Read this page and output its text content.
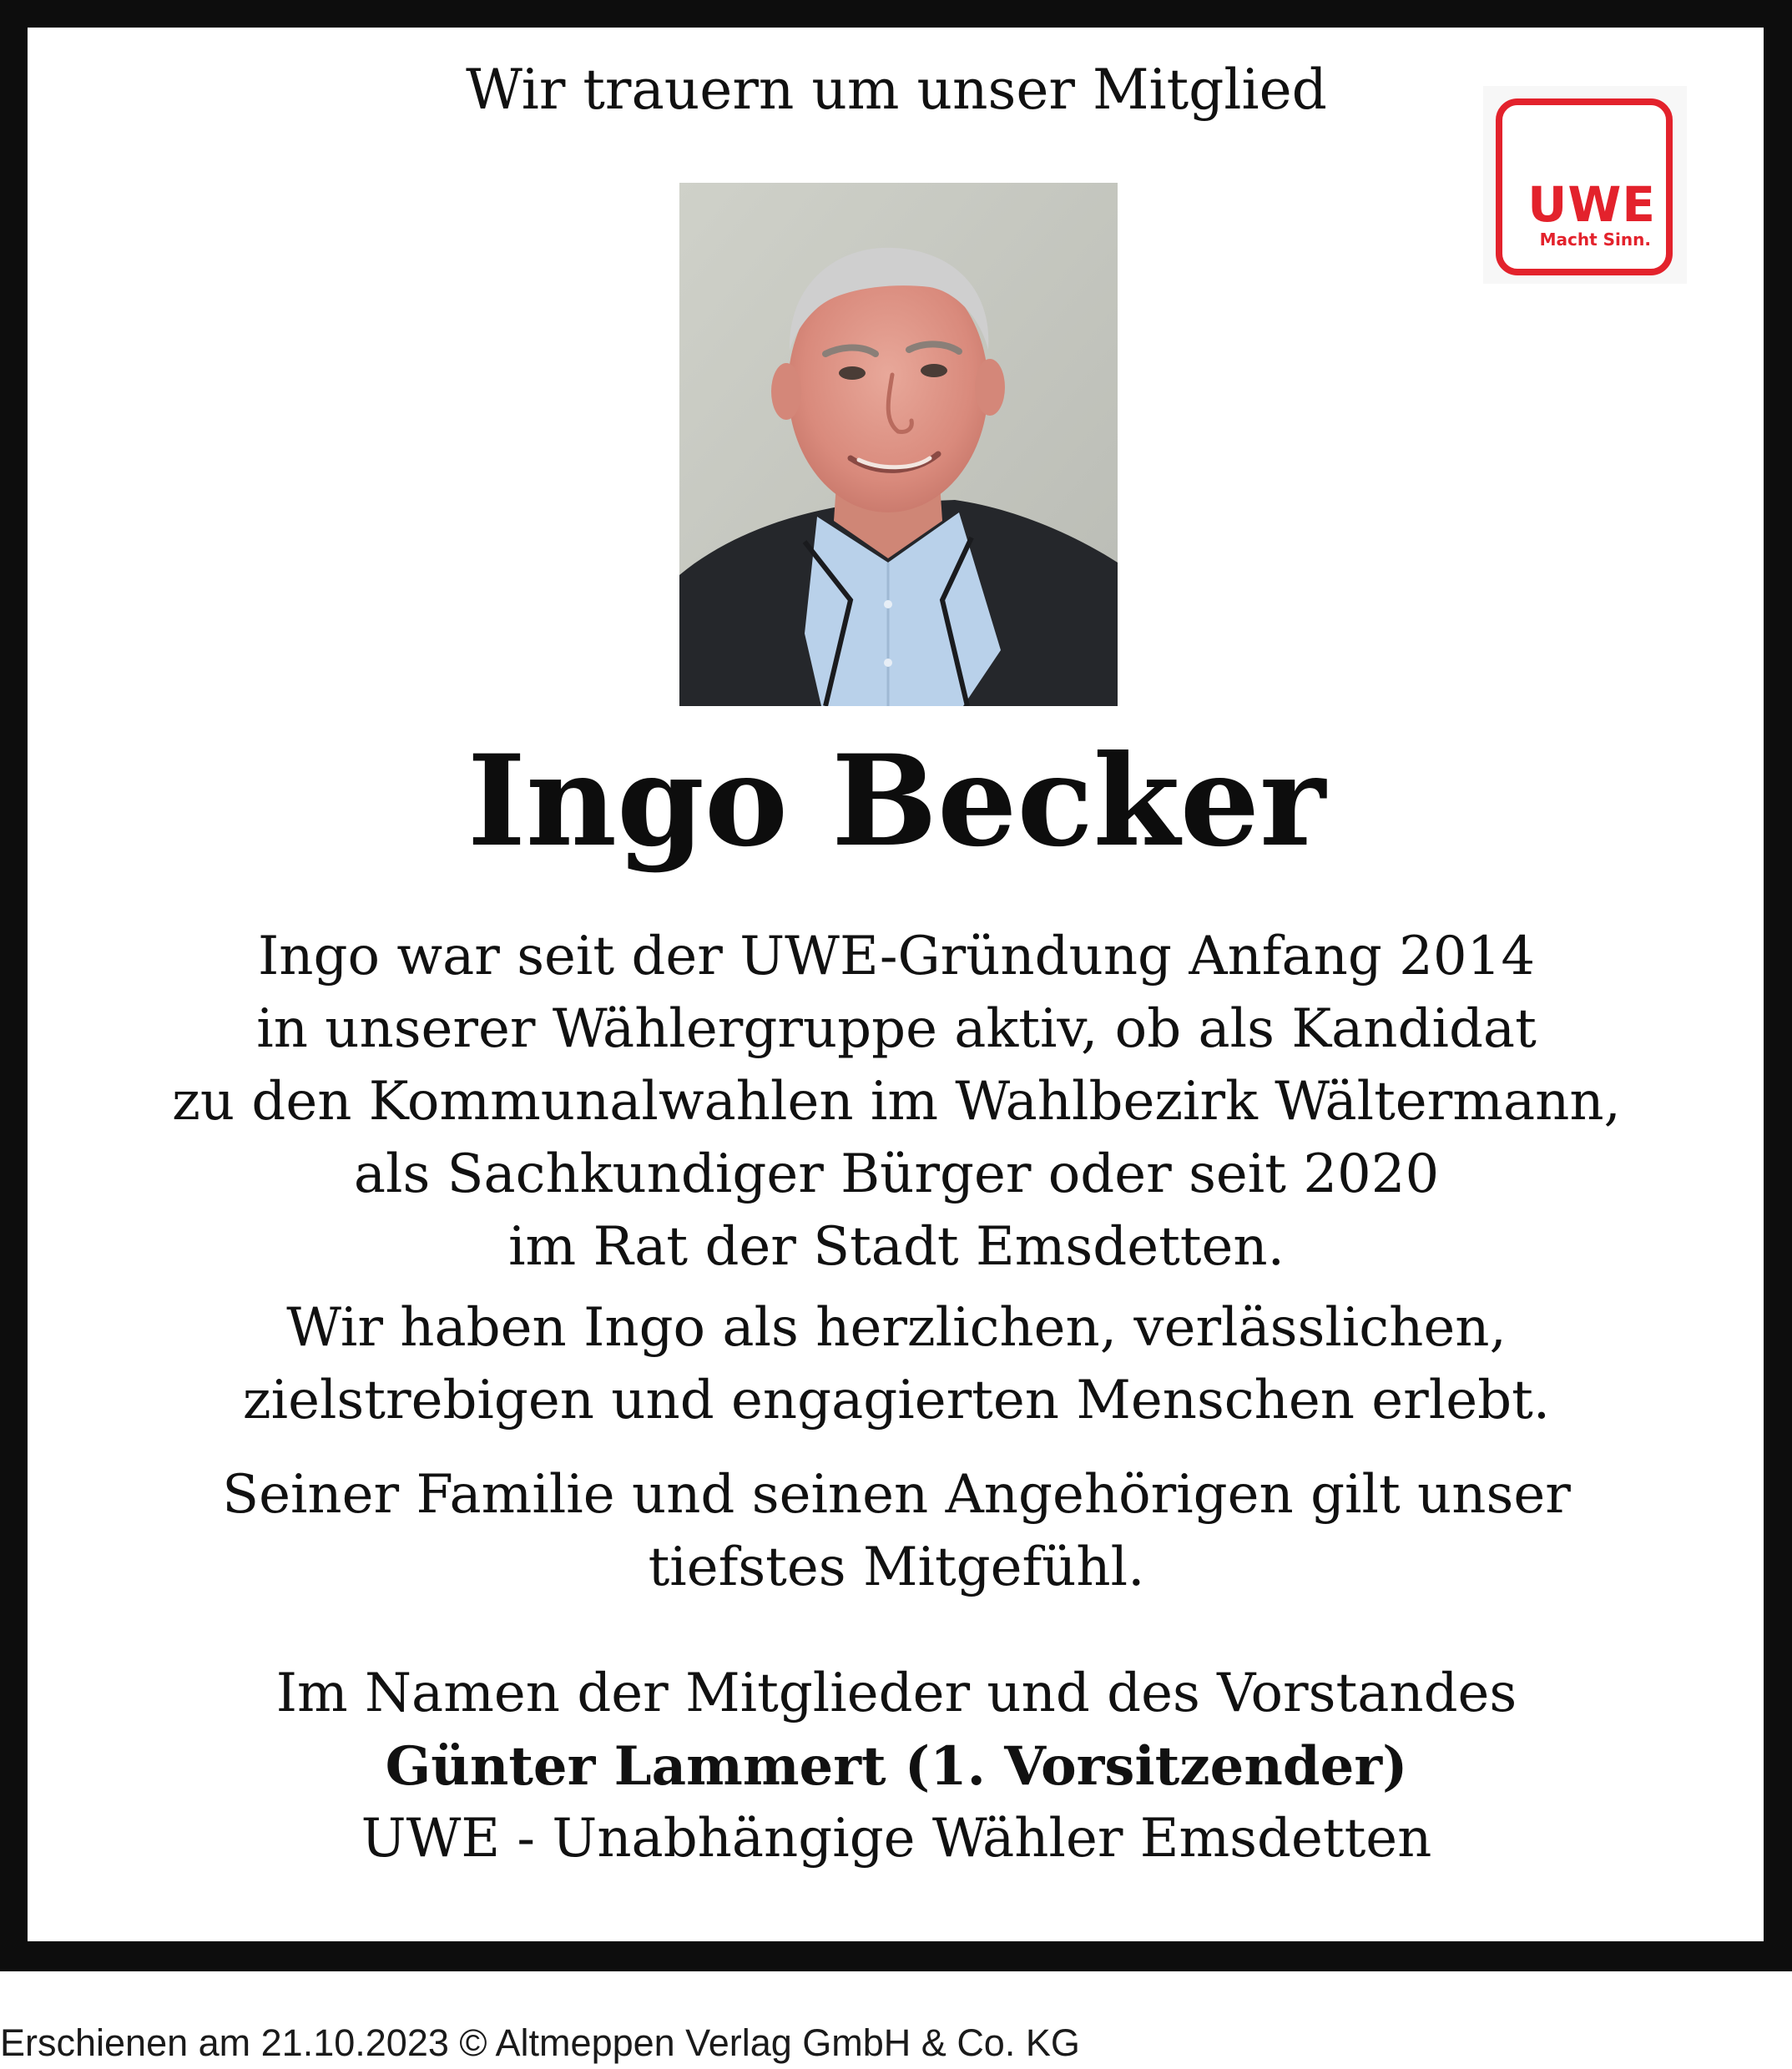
Wir trauern um unser Mitglied
UWE
Macht Sinn.
Ingo Becker
Ingo war seit der UWE-Gründung Anfang 2014
in unserer Wählergruppe aktiv, ob als Kandidat
zu den Kommunalwahlen im Wahlbezirk Wältermann,
als Sachkundiger Bürger oder seit 2020
im Rat der Stadt Emsdetten.
Wir haben Ingo als herzlichen, verlässlichen,
zielstrebigen und engagierten Menschen erlebt.
Seiner Familie und seinen Angehörigen gilt unser
tiefstes Mitgefühl.
Im Namen der Mitglieder und des Vorstandes
Günter Lammert (1. Vorsitzender)
UWE - Unabhängige Wähler Emsdetten
Erschienen am 21.10.2023 © Altmeppen Verlag GmbH & Co. KG
